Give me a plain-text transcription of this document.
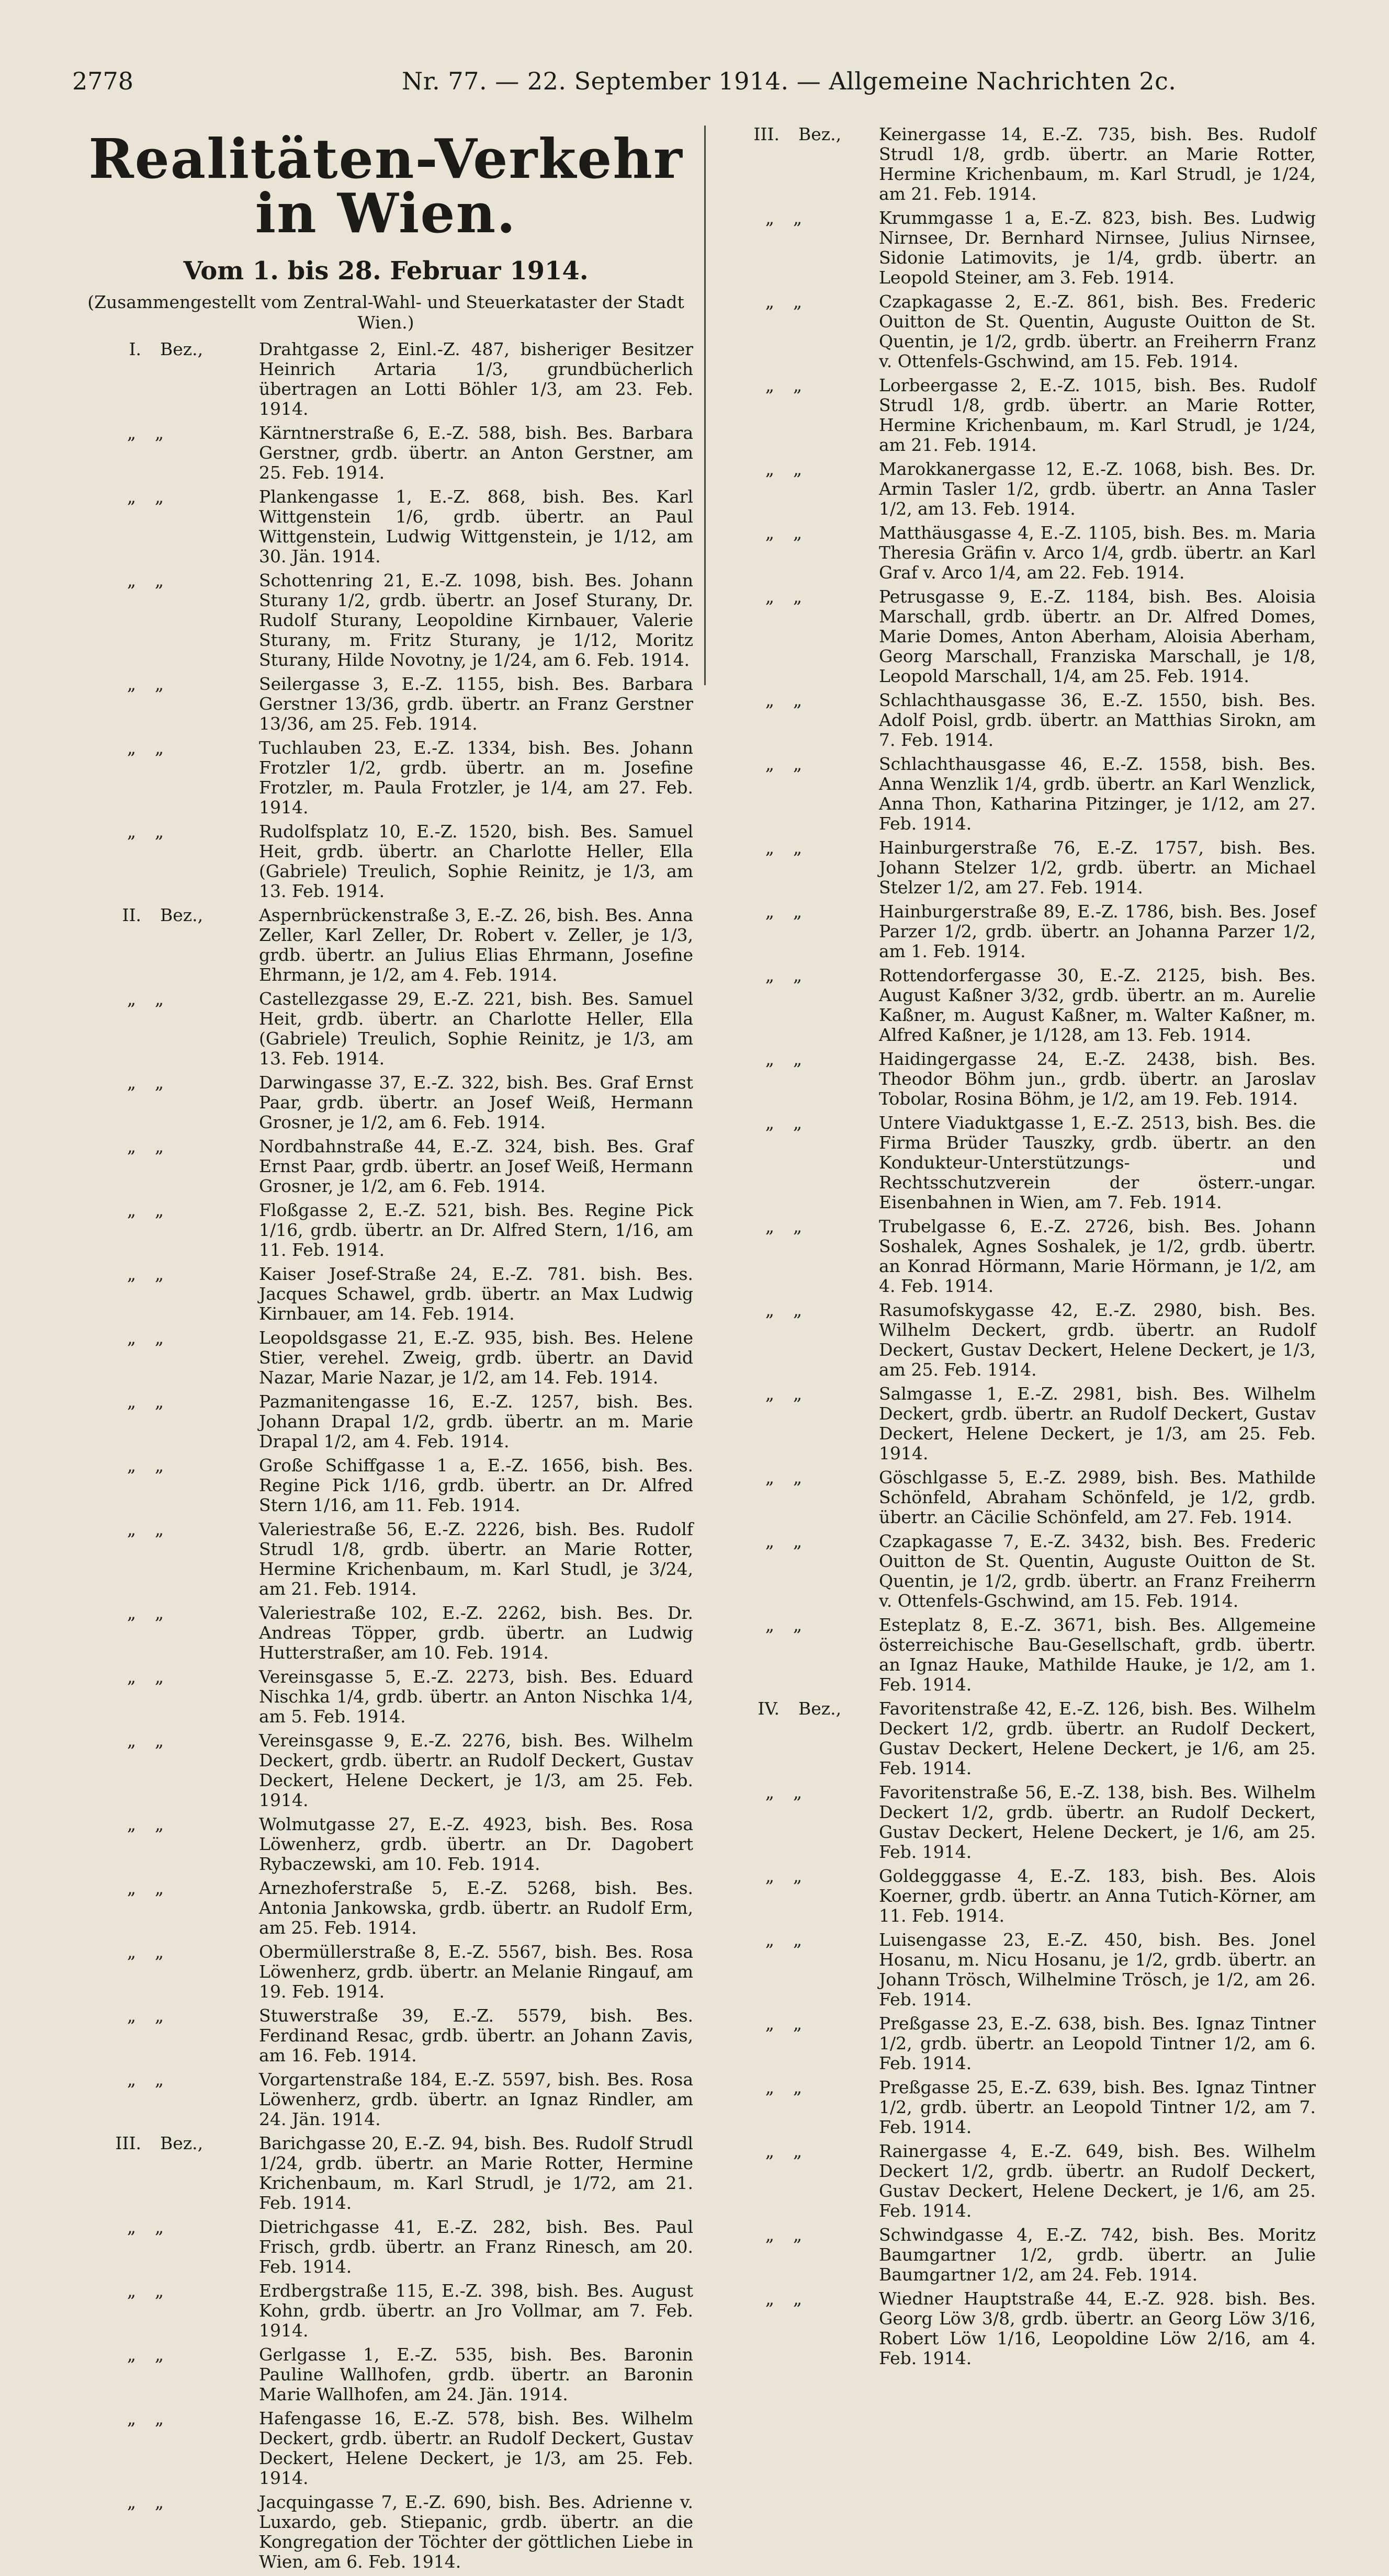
2778	Nr. 77. — 22. September 1914. — Allgemeine Nachrichten 2c.
Realitäten-Verkehr in Wien.
Vom 1. bis 28. Februar 1914.
(Zusammengestellt vom Zentral-Wahl- und Steuerkataster der Stadt Wien.)
I. Bez.,	Drahtgasse 2, Einl.-Z. 487, bisheriger Besitzer Heinrich Artaria 1/3, grundbücherlich übertragen an Lotti Böhler 1/3, am 23. Feb. 1914.
„ „	Kärntnerstraße 6, E.-Z. 588, bish. Bes. Barbara Gerstner, grdb. übertr. an Anton Gerstner, am 25. Feb. 1914.
„ „	Plankengasse 1, E.-Z. 868, bish. Bes. Karl Wittgenstein 1/6, grdb. übertr. an Paul Wittgenstein, Ludwig Wittgenstein, je 1/12, am 30. Jän. 1914.
„ „	Schottenring 21, E.-Z. 1098, bish. Bes. Johann Sturany 1/2, grdb. übertr. an Josef Sturany, Dr. Rudolf Sturany, Leopoldine Kirnbauer, Valerie Sturany, m. Fritz Sturany, je 1/12, Moritz Sturany, Hilde Novotny, je 1/24, am 6. Feb. 1914.
„ „	Seilergasse 3, E.-Z. 1155, bish. Bes. Barbara Gerstner 13/36, grdb. übertr. an Franz Gerstner 13/36, am 25. Feb. 1914.
„ „	Tuchlauben 23, E.-Z. 1334, bish. Bes. Johann Frotzler 1/2, grdb. übertr. an m. Josefine Frotzler, m. Paula Frotzler, je 1/4, am 27. Feb. 1914.
„ „	Rudolfsplatz 10, E.-Z. 1520, bish. Bes. Samuel Heit, grdb. übertr. an Charlotte Heller, Ella (Gabriele) Treulich, Sophie Reinitz, je 1/3, am 13. Feb. 1914.
II. Bez.,	Aspernbrückenstraße 3, E.-Z. 26, bish. Bes. Anna Zeller, Karl Zeller, Dr. Robert v. Zeller, je 1/3, grdb. übertr. an Julius Elias Ehrmann, Josefine Ehrmann, je 1/2, am 4. Feb. 1914.
„ „	Castellezgasse 29, E.-Z. 221, bish. Bes. Samuel Heit, grdb. übertr. an Charlotte Heller, Ella (Gabriele) Treulich, Sophie Reinitz, je 1/3, am 13. Feb. 1914.
„ „	Darwingasse 37, E.-Z. 322, bish. Bes. Graf Ernst Paar, grdb. übertr. an Josef Weiß, Hermann Grosner, je 1/2, am 6. Feb. 1914.
„ „	Nordbahnstraße 44, E.-Z. 324, bish. Bes. Graf Ernst Paar, grdb. übertr. an Josef Weiß, Hermann Grosner, je 1/2, am 6. Feb. 1914.
„ „	Floßgasse 2, E.-Z. 521, bish. Bes. Regine Pick 1/16, grdb. übertr. an Dr. Alfred Stern, 1/16, am 11. Feb. 1914.
„ „	Kaiser Josef-Straße 24, E.-Z. 781. bish. Bes. Jacques Schawel, grdb. übertr. an Max Ludwig Kirnbauer, am 14. Feb. 1914.
„ „	Leopoldsgasse 21, E.-Z. 935, bish. Bes. Helene Stier, verehel. Zweig, grdb. übertr. an David Nazar, Marie Nazar, je 1/2, am 14. Feb. 1914.
„ „	Pazmanitengasse 16, E.-Z. 1257, bish. Bes. Johann Drapal 1/2, grdb. übertr. an m. Marie Drapal 1/2, am 4. Feb. 1914.
„ „	Große Schiffgasse 1 a, E.-Z. 1656, bish. Bes. Regine Pick 1/16, grdb. übertr. an Dr. Alfred Stern 1/16, am 11. Feb. 1914.
„ „	Valeriestraße 56, E.-Z. 2226, bish. Bes. Rudolf Strudl 1/8, grdb. übertr. an Marie Rotter, Hermine Krichenbaum, m. Karl Studl, je 3/24, am 21. Feb. 1914.
„ „	Valeriestraße 102, E.-Z. 2262, bish. Bes. Dr. Andreas Töpper, grdb. übertr. an Ludwig Hutterstraßer, am 10. Feb. 1914.
„ „	Vereinsgasse 5, E.-Z. 2273, bish. Bes. Eduard Nischka 1/4, grdb. übertr. an Anton Nischka 1/4, am 5. Feb. 1914.
„ „	Vereinsgasse 9, E.-Z. 2276, bish. Bes. Wilhelm Deckert, grdb. übertr. an Rudolf Deckert, Gustav Deckert, Helene Deckert, je 1/3, am 25. Feb. 1914.
„ „	Wolmutgasse 27, E.-Z. 4923, bish. Bes. Rosa Löwenherz, grdb. übertr. an Dr. Dagobert Rybaczewski, am 10. Feb. 1914.
„ „	Arnezhoferstraße 5, E.-Z. 5268, bish. Bes. Antonia Jankowska, grdb. übertr. an Rudolf Erm, am 25. Feb. 1914.
„ „	Obermüllerstraße 8, E.-Z. 5567, bish. Bes. Rosa Löwenherz, grdb. übertr. an Melanie Ringauf, am 19. Feb. 1914.
„ „	Stuwerstraße 39, E.-Z. 5579, bish. Bes. Ferdinand Resac, grdb. übertr. an Johann Zavis, am 16. Feb. 1914.
„ „	Vorgartenstraße 184, E.-Z. 5597, bish. Bes. Rosa Löwenherz, grdb. übertr. an Ignaz Rindler, am 24. Jän. 1914.
III. Bez.,	Barichgasse 20, E.-Z. 94, bish. Bes. Rudolf Strudl 1/24, grdb. übertr. an Marie Rotter, Hermine Krichenbaum, m. Karl Strudl, je 1/72, am 21. Feb. 1914.
„ „	Dietrichgasse 41, E.-Z. 282, bish. Bes. Paul Frisch, grdb. übertr. an Franz Rinesch, am 20. Feb. 1914.
„ „	Erdbergstraße 115, E.-Z. 398, bish. Bes. August Kohn, grdb. übertr. an Jro Vollmar, am 7. Feb. 1914.
„ „	Gerlgasse 1, E.-Z. 535, bish. Bes. Baronin Pauline Wallhofen, grdb. übertr. an Baronin Marie Wallhofen, am 24. Jän. 1914.
„ „	Hafengasse 16, E.-Z. 578, bish. Bes. Wilhelm Deckert, grdb. übertr. an Rudolf Deckert, Gustav Deckert, Helene Deckert, je 1/3, am 25. Feb. 1914.
„ „	Jacquingasse 7, E.-Z. 690, bish. Bes. Adrienne v. Luxardo, geb. Stiepanic, grdb. übertr. an die Kongregation der Töchter der göttlichen Liebe in Wien, am 6. Feb. 1914.
III. Bez.,	Keinergasse 14, E.-Z. 735, bish. Bes. Rudolf Strudl 1/8, grdb. übertr. an Marie Rotter, Hermine Krichenbaum, m. Karl Strudl, je 1/24, am 21. Feb. 1914.
„ „	Krummgasse 1 a, E.-Z. 823, bish. Bes. Ludwig Nirnsee, Dr. Bernhard Nirnsee, Julius Nirnsee, Sidonie Latimovits, je 1/4, grdb. übertr. an Leopold Steiner, am 3. Feb. 1914.
„ „	Czapkagasse 2, E.-Z. 861, bish. Bes. Frederic Ouitton de St. Quentin, Auguste Ouitton de St. Quentin, je 1/2, grdb. übertr. an Freiherrn Franz v. Ottenfels-Gschwind, am 15. Feb. 1914.
„ „	Lorbeergasse 2, E.-Z. 1015, bish. Bes. Rudolf Strudl 1/8, grdb. übertr. an Marie Rotter, Hermine Krichenbaum, m. Karl Strudl, je 1/24, am 21. Feb. 1914.
„ „	Marokkanergasse 12, E.-Z. 1068, bish. Bes. Dr. Armin Tasler 1/2, grdb. übertr. an Anna Tasler 1/2, am 13. Feb. 1914.
„ „	Matthäusgasse 4, E.-Z. 1105, bish. Bes. m. Maria Theresia Gräfin v. Arco 1/4, grdb. übertr. an Karl Graf v. Arco 1/4, am 22. Feb. 1914.
„ „	Petrusgasse 9, E.-Z. 1184, bish. Bes. Aloisia Marschall, grdb. übertr. an Dr. Alfred Domes, Marie Domes, Anton Aberham, Aloisia Aberham, Georg Marschall, Franziska Marschall, je 1/8, Leopold Marschall, 1/4, am 25. Feb. 1914.
„ „	Schlachthausgasse 36, E.-Z. 1550, bish. Bes. Adolf Poisl, grdb. übertr. an Matthias Sirokn, am 7. Feb. 1914.
„ „	Schlachthausgasse 46, E.-Z. 1558, bish. Bes. Anna Wenzlik 1/4, grdb. übertr. an Karl Wenzlick, Anna Thon, Katharina Pitzinger, je 1/12, am 27. Feb. 1914.
„ „	Hainburgerstraße 76, E.-Z. 1757, bish. Bes. Johann Stelzer 1/2, grdb. übertr. an Michael Stelzer 1/2, am 27. Feb. 1914.
„ „	Hainburgerstraße 89, E.-Z. 1786, bish. Bes. Josef Parzer 1/2, grdb. übertr. an Johanna Parzer 1/2, am 1. Feb. 1914.
„ „	Rottendorfergasse 30, E.-Z. 2125, bish. Bes. August Kaßner 3/32, grdb. übertr. an m. Aurelie Kaßner, m. August Kaßner, m. Walter Kaßner, m. Alfred Kaßner, je 1/128, am 13. Feb. 1914.
„ „	Haidingergasse 24, E.-Z. 2438, bish. Bes. Theodor Böhm jun., grdb. übertr. an Jaroslav Tobolar, Rosina Böhm, je 1/2, am 19. Feb. 1914.
„ „	Untere Viaduktgasse 1, E.-Z. 2513, bish. Bes. die Firma Brüder Tauszky, grdb. übertr. an den Kondukteur-Unterstützungs- und Rechtsschutzverein der österr.-ungar. Eisenbahnen in Wien, am 7. Feb. 1914.
„ „	Trubelgasse 6, E.-Z. 2726, bish. Bes. Johann Soshalek, Agnes Soshalek, je 1/2, grdb. übertr. an Konrad Hörmann, Marie Hörmann, je 1/2, am 4. Feb. 1914.
„ „	Rasumofskygasse 42, E.-Z. 2980, bish. Bes. Wilhelm Deckert, grdb. übertr. an Rudolf Deckert, Gustav Deckert, Helene Deckert, je 1/3, am 25. Feb. 1914.
„ „	Salmgasse 1, E.-Z. 2981, bish. Bes. Wilhelm Deckert, grdb. übertr. an Rudolf Deckert, Gustav Deckert, Helene Deckert, je 1/3, am 25. Feb. 1914.
„ „	Göschlgasse 5, E.-Z. 2989, bish. Bes. Mathilde Schönfeld, Abraham Schönfeld, je 1/2, grdb. übertr. an Cäcilie Schönfeld, am 27. Feb. 1914.
„ „	Czapkagasse 7, E.-Z. 3432, bish. Bes. Frederic Ouitton de St. Quentin, Auguste Ouitton de St. Quentin, je 1/2, grdb. übertr. an Franz Freiherrn v. Ottenfels-Gschwind, am 15. Feb. 1914.
„ „	Esteplatz 8, E.-Z. 3671, bish. Bes. Allgemeine österreichische Bau-Gesellschaft, grdb. übertr. an Ignaz Hauke, Mathilde Hauke, je 1/2, am 1. Feb. 1914.
IV. Bez.,	Favoritenstraße 42, E.-Z. 126, bish. Bes. Wilhelm Deckert 1/2, grdb. übertr. an Rudolf Deckert, Gustav Deckert, Helene Deckert, je 1/6, am 25. Feb. 1914.
„ „	Favoritenstraße 56, E.-Z. 138, bish. Bes. Wilhelm Deckert 1/2, grdb. übertr. an Rudolf Deckert, Gustav Deckert, Helene Deckert, je 1/6, am 25. Feb. 1914.
„ „	Goldegggasse 4, E.-Z. 183, bish. Bes. Alois Koerner, grdb. übertr. an Anna Tutich-Körner, am 11. Feb. 1914.
„ „	Luisengasse 23, E.-Z. 450, bish. Bes. Jonel Hosanu, m. Nicu Hosanu, je 1/2, grdb. übertr. an Johann Trösch, Wilhelmine Trösch, je 1/2, am 26. Feb. 1914.
„ „	Preßgasse 23, E.-Z. 638, bish. Bes. Ignaz Tintner 1/2, grdb. übertr. an Leopold Tintner 1/2, am 6. Feb. 1914.
„ „	Preßgasse 25, E.-Z. 639, bish. Bes. Ignaz Tintner 1/2, grdb. übertr. an Leopold Tintner 1/2, am 7. Feb. 1914.
„ „	Rainergasse 4, E.-Z. 649, bish. Bes. Wilhelm Deckert 1/2, grdb. übertr. an Rudolf Deckert, Gustav Deckert, Helene Deckert, je 1/6, am 25. Feb. 1914.
„ „	Schwindgasse 4, E.-Z. 742, bish. Bes. Moritz Baumgartner 1/2, grdb. übertr. an Julie Baumgartner 1/2, am 24. Feb. 1914.
„ „	Wiedner Hauptstraße 44, E.-Z. 928. bish. Bes. Georg Löw 3/8, grdb. übertr. an Georg Löw 3/16, Robert Löw 1/16, Leopoldine Löw 2/16, am 4. Feb. 1914.
